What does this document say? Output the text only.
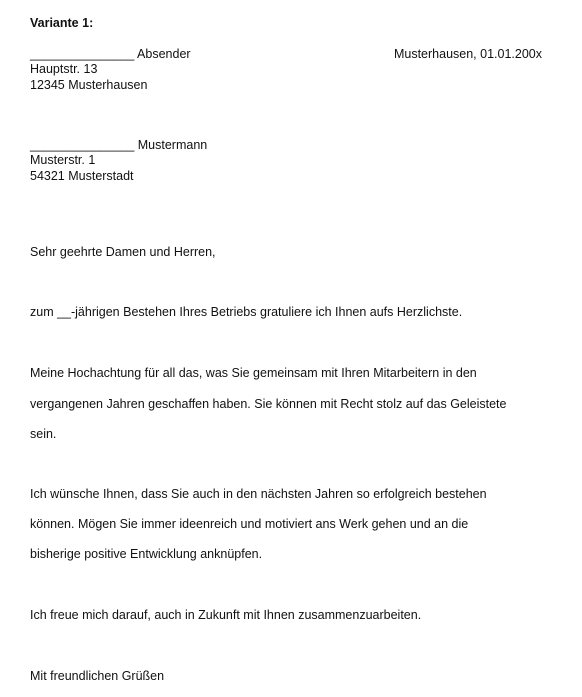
Variante 1:
_______________ Absender	Musterhausen, 01.01.200x
Hauptstr. 13
12345 Musterhausen
_______________ Mustermann
Musterstr. 1
54321 Musterstadt
Sehr geehrte Damen und Herren,
zum __-jährigen Bestehen Ihres Betriebs gratuliere ich Ihnen aufs Herzlichste.
Meine Hochachtung für all das, was Sie gemeinsam mit Ihren Mitarbeitern in den
vergangenen Jahren geschaffen haben. Sie können mit Recht stolz auf das Geleistete
sein.
Ich wünsche Ihnen, dass Sie auch in den nächsten Jahren so erfolgreich bestehen
können. Mögen Sie immer ideenreich und motiviert ans Werk gehen und an die
bisherige positive Entwicklung anknüpfen.
Ich freue mich darauf, auch in Zukunft mit Ihnen zusammenzuarbeiten.
Mit freundlichen Grüßen
